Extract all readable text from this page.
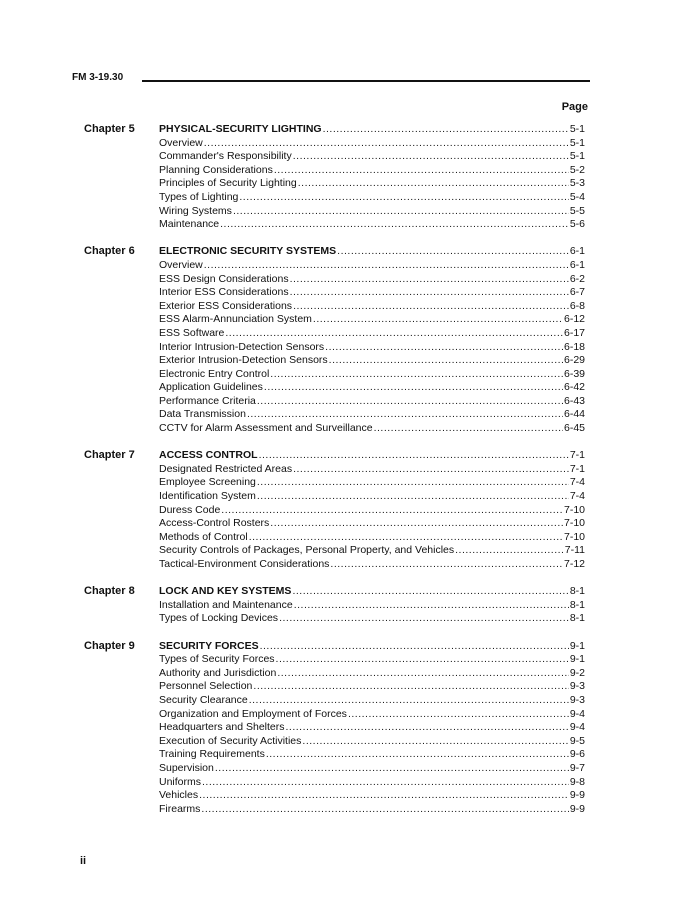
FM 3-19.30
Page
Chapter 5 PHYSICAL-SECURITY LIGHTING .....	5-1
Overview .....	5-1
Commander's Responsibility .....	5-1
Planning Considerations .....	5-2
Principles of Security Lighting .....	5-3
Types of Lighting .....	5-4
Wiring Systems .....	5-5
Maintenance .....	5-6
Chapter 6 ELECTRONIC SECURITY SYSTEMS .....	6-1
Overview .....	6-1
ESS Design Considerations .....	6-2
Interior ESS Considerations .....	6-7
Exterior ESS Considerations .....	6-8
ESS Alarm-Annunciation System .....	6-12
ESS Software .....	6-17
Interior Intrusion-Detection Sensors .....	6-18
Exterior Intrusion-Detection Sensors .....	6-29
Electronic Entry Control .....	6-39
Application Guidelines .....	6-42
Performance Criteria .....	6-43
Data Transmission .....	6-44
CCTV for Alarm Assessment and Surveillance .....	6-45
Chapter 7 ACCESS CONTROL .....	7-1
Designated Restricted Areas .....	7-1
Employee Screening .....	7-4
Identification System .....	7-4
Duress Code .....	7-10
Access-Control Rosters .....	7-10
Methods of Control .....	7-10
Security Controls of Packages, Personal Property, and Vehicles .....	7-11
Tactical-Environment Considerations .....	7-12
Chapter 8 LOCK AND KEY SYSTEMS .....	8-1
Installation and Maintenance .....	8-1
Types of Locking Devices .....	8-1
Chapter 9 SECURITY FORCES .....	9-1
Types of Security Forces .....	9-1
Authority and Jurisdiction .....	9-2
Personnel Selection .....	9-3
Security Clearance .....	9-3
Organization and Employment of Forces .....	9-4
Headquarters and Shelters .....	9-4
Execution of Security Activities .....	9-5
Training Requirements .....	9-6
Supervision .....	9-7
Uniforms .....	9-8
Vehicles .....	9-9
Firearms .....	9-9
ii
